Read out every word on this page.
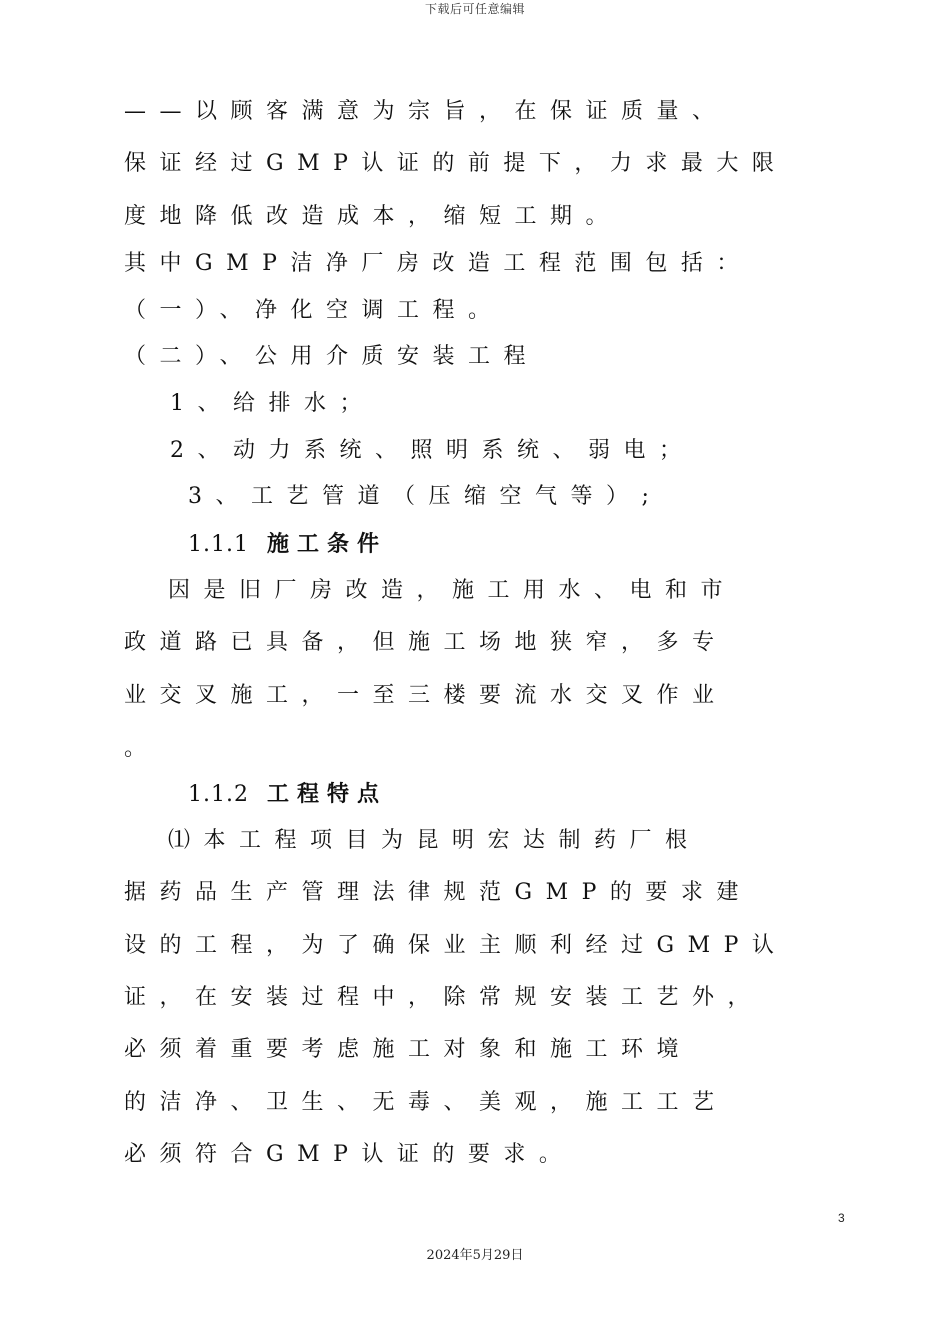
下载后可任意编辑
——以顾客满意为宗旨，在保证质量、
保证经过GMP认证的前提下，力求最大限
度地降低改造成本，缩短工期。
其中GMP洁净厂房改造工程范围包括：
（一）、净化空调工程。
（二）、公用介质安装工程
1、给排水；
2、动力系统、照明系统、弱电；
3、工艺管道（压缩空气等）;
1.1.1 施工条件
因是旧厂房改造，施工用水、电和市
政道路已具备，但施工场地狭窄，多专
业交叉施工，一至三楼要流水交叉作业
。
1.1.2 工程特点
⑴本工程项目为昆明宏达制药厂根
据药品生产管理法律规范GMP的要求建
设的工程，为了确保业主顺利经过GMP认
证，在安装过程中，除常规安装工艺外，
必须着重要考虑施工对象和施工环境
的洁净、卫生、无毒、美观，施工工艺
必须符合GMP认证的要求。
3
2024年5月29日
